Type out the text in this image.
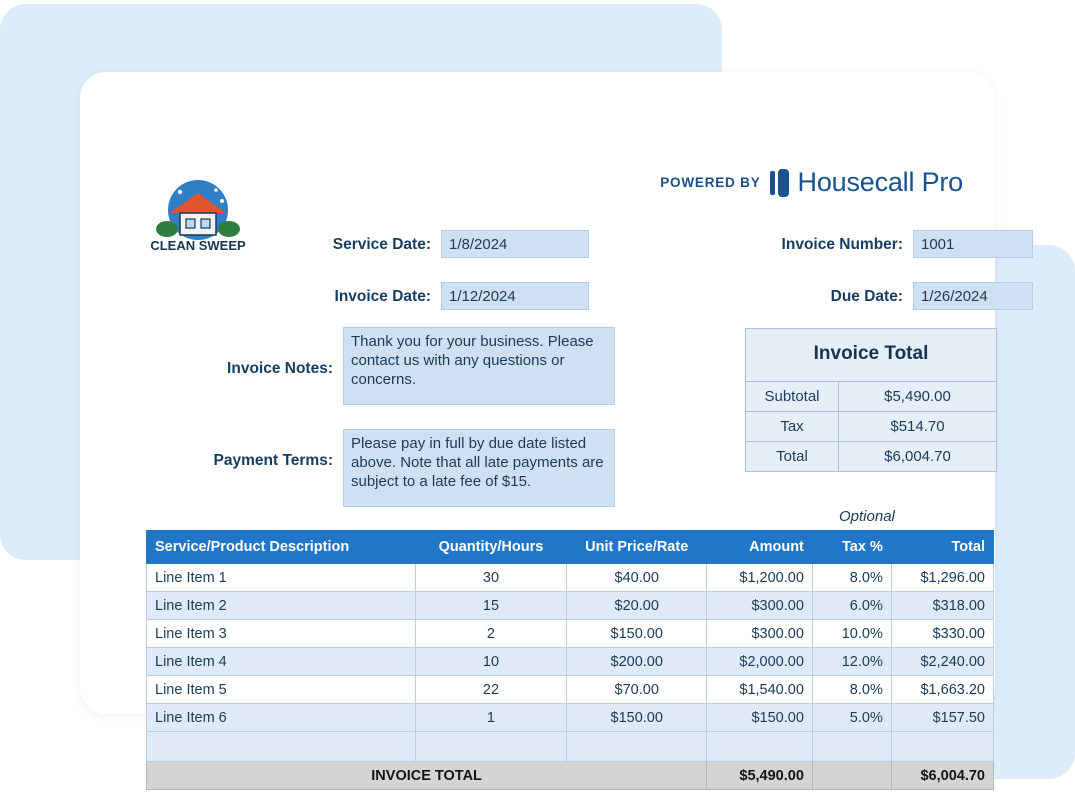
CLEAN SWEEP
POWERED BY Housecall Pro
Service Date:	1/8/2024	Invoice Number:	1001
Invoice Date:	1/12/2024	Due Date:	1/26/2024
Invoice Notes:
Thank you for your business. Please contact us with any questions or concerns.
Payment Terms:
Please pay in full by due date listed above. Note that all late payments are subject to a late fee of $15.
Invoice Total
Subtotal	$5,490.00
Tax	$514.70
Total	$6,004.70
Optional
Service/Product Description	Quantity/Hours	Unit Price/Rate	Amount	Tax %	Total
Line Item 1	30	$40.00	$1,200.00	8.0%	$1,296.00
Line Item 2	15	$20.00	$300.00	6.0%	$318.00
Line Item 3	2	$150.00	$300.00	10.0%	$330.00
Line Item 4	10	$200.00	$2,000.00	12.0%	$2,240.00
Line Item 5	22	$70.00	$1,540.00	8.0%	$1,663.20
Line Item 6	1	$150.00	$150.00	5.0%	$157.50

INVOICE TOTAL			$5,490.00		$6,004.70
